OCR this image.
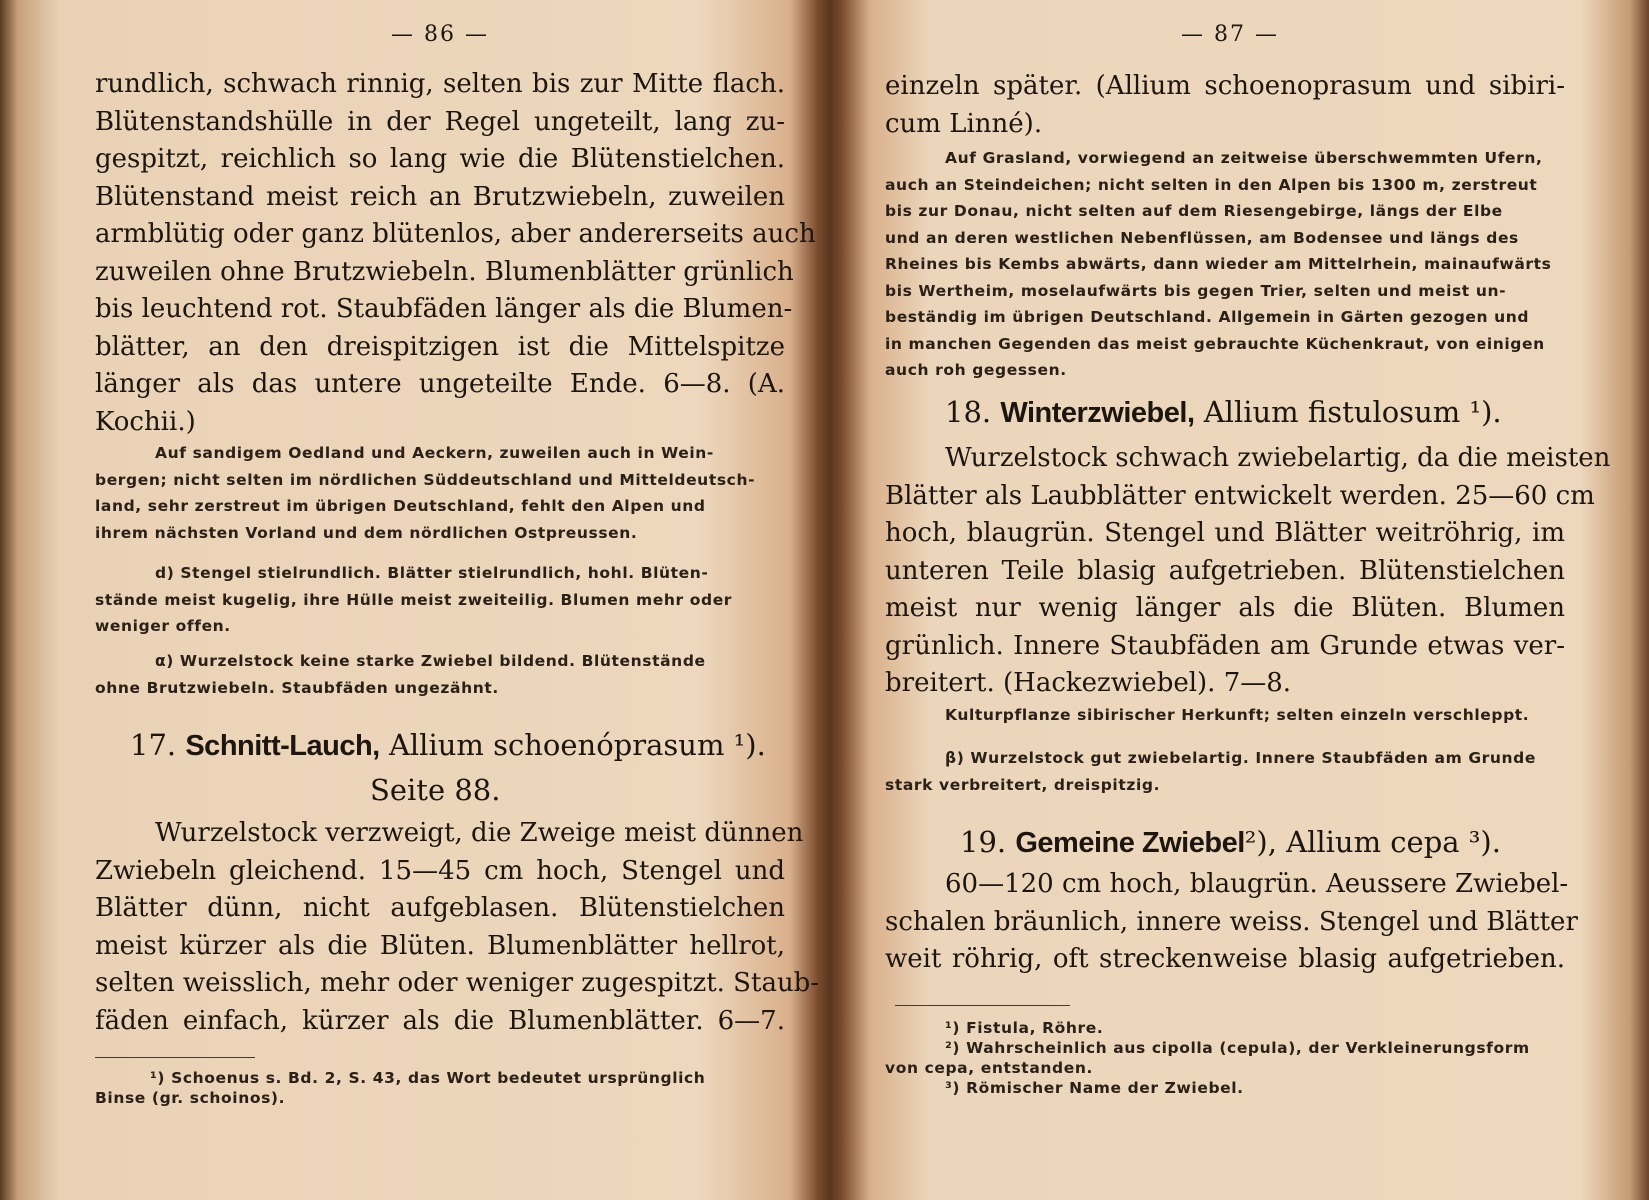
— 86 —
rundlich, schwach rinnig, selten bis zur Mitte flach.
Blütenstandshülle in der Regel ungeteilt, lang zu-
gespitzt, reichlich so lang wie die Blütenstielchen.
Blütenstand meist reich an Brutzwiebeln, zuweilen
armblütig oder ganz blütenlos, aber andererseits auch
zuweilen ohne Brutzwiebeln. Blumenblätter grünlich
bis leuchtend rot. Staubfäden länger als die Blumen-
blätter, an den dreispitzigen ist die Mittelspitze
länger als das untere ungeteilte Ende. 6—8. (A.
Kochii.)
Auf sandigem Oedland und Aeckern, zuweilen auch in Wein-
bergen; nicht selten im nördlichen Süddeutschland und Mitteldeutsch-
land, sehr zerstreut im übrigen Deutschland, fehlt den Alpen und
ihrem nächsten Vorland und dem nördlichen Ostpreussen.
d) Stengel stielrundlich. Blätter stielrundlich, hohl. Blüten-
stände meist kugelig, ihre Hülle meist zweiteilig. Blumen mehr oder
weniger offen.
α) Wurzelstock keine starke Zwiebel bildend. Blütenstände
ohne Brutzwiebeln. Staubfäden ungezähnt.
17. Schnitt-Lauch, Allium schoenóprasum ¹).
Seite 88.
Wurzelstock verzweigt, die Zweige meist dünnen
Zwiebeln gleichend. 15—45 cm hoch, Stengel und
Blätter dünn, nicht aufgeblasen. Blütenstielchen
meist kürzer als die Blüten. Blumenblätter hellrot,
selten weisslich, mehr oder weniger zugespitzt. Staub-
fäden einfach, kürzer als die Blumenblätter. 6—7.
¹) Schoenus s. Bd. 2, S. 43, das Wort bedeutet ursprünglich
Binse (gr. schoinos).
— 87 —
einzeln später. (Allium schoenoprasum und sibiri-
cum Linné).
Auf Grasland, vorwiegend an zeitweise überschwemmten Ufern,
auch an Steindeichen; nicht selten in den Alpen bis 1300 m, zerstreut
bis zur Donau, nicht selten auf dem Riesengebirge, längs der Elbe
und an deren westlichen Nebenflüssen, am Bodensee und längs des
Rheines bis Kembs abwärts, dann wieder am Mittelrhein, mainaufwärts
bis Wertheim, moselaufwärts bis gegen Trier, selten und meist un-
beständig im übrigen Deutschland. Allgemein in Gärten gezogen und
in manchen Gegenden das meist gebrauchte Küchenkraut, von einigen
auch roh gegessen.
18. Winterzwiebel, Allium fistulosum ¹).
Wurzelstock schwach zwiebelartig, da die meisten
Blätter als Laubblätter entwickelt werden. 25—60 cm
hoch, blaugrün. Stengel und Blätter weitröhrig, im
unteren Teile blasig aufgetrieben. Blütenstielchen
meist nur wenig länger als die Blüten. Blumen
grünlich. Innere Staubfäden am Grunde etwas ver-
breitert. (Hackezwiebel). 7—8.
Kulturpflanze sibirischer Herkunft; selten einzeln verschleppt.
β) Wurzelstock gut zwiebelartig. Innere Staubfäden am Grunde
stark verbreitert, dreispitzig.
19. Gemeine Zwiebel²), Allium cepa ³).
60—120 cm hoch, blaugrün. Aeussere Zwiebel-
schalen bräunlich, innere weiss. Stengel und Blätter
weit röhrig, oft streckenweise blasig aufgetrieben.
¹) Fistula, Röhre.
²) Wahrscheinlich aus cipolla (cepula), der Verkleinerungsform
von cepa, entstanden.
³) Römischer Name der Zwiebel.
